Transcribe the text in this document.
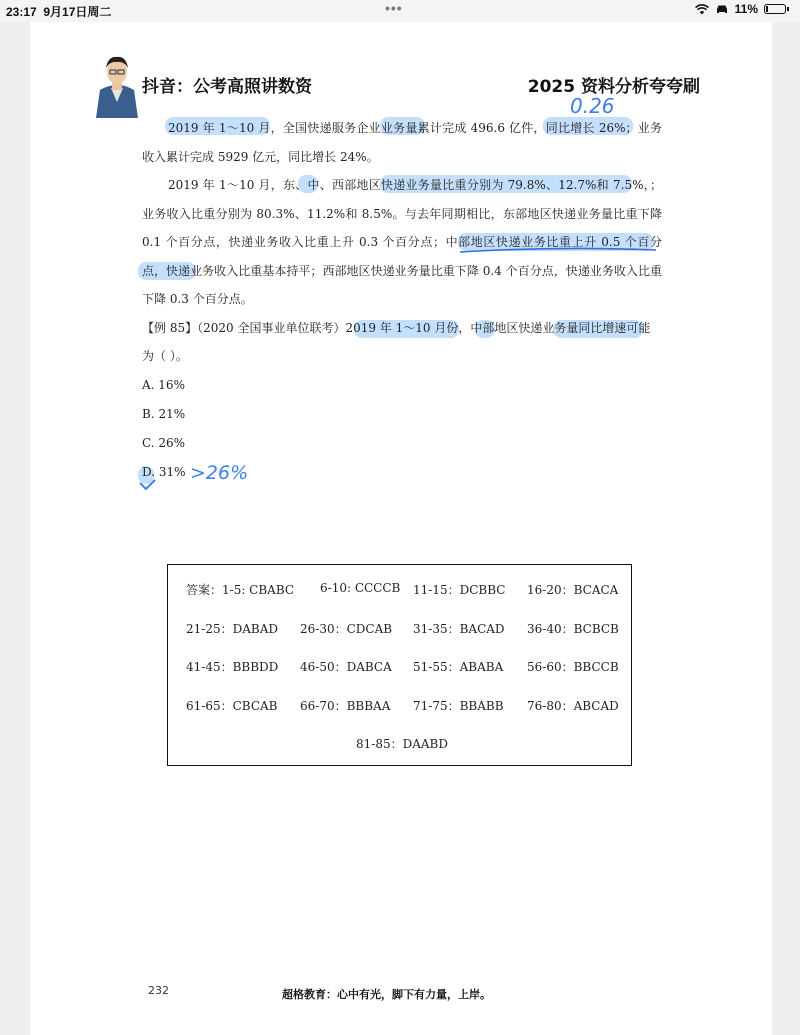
23:17 9月17日周二	•••	11%
抖音：公考高照讲数资	2025 资料分析夸夸刷
0.26
>26%

2019 年 1～10 月，全国快递服务企业业务量累计完成 496.6 亿件，同比增长 26%；业务收入累计完成 5929 亿元，同比增长 24%。

2019 年 1～10 月，东、中、西部地区快递业务量比重分别为 79.8%、12.7%和 7.5%，；业务收入比重分别为 80.3%、11.2%和 8.5%。与去年同期相比，东部地区快递业务量比重下降 0.1 个百分点，快递业务收入比重上升 0.3 个百分点；中部地区快递业务比重上升 0.5 个百分点，快递业务收入比重基本持平；西部地区快递业务量比重下降 0.4 个百分点，快递业务收入比重下降 0.3 个百分点。

【例 85】（2020 全国事业单位联考）2019 年 1～10 月份，中部地区快递业务量同比增速可能为（ ）。
A. 16%
B. 21%
C. 26%
D. 31%
答案：1-5: CBABC 6-10: CCCCB 11-15：DCBBC 16-20：BCACA
21-25：DABAD 26-30：CDCAB 31-35：BACAD 36-40：BCBCB
41-45：BBBDD 46-50：DABCA 51-55：ABABA 56-60：BBCCB
61-65：CBCAB 66-70：BBBAA 71-75：BBABB 76-80：ABCAD
81-85：DAABD
232	超格教育：心中有光，脚下有力量，上岸。
